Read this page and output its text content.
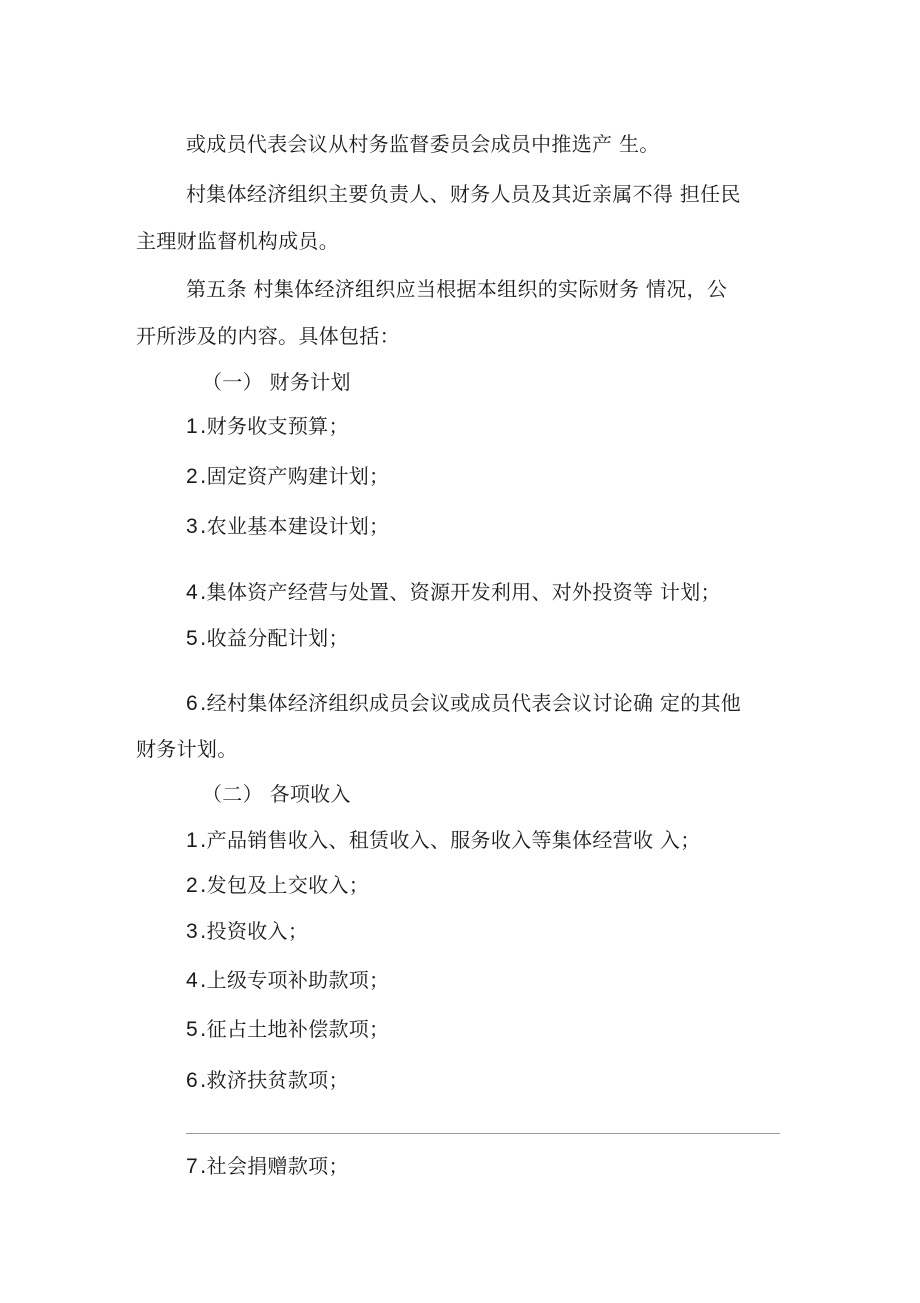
或成员代表会议从村务监督委员会成员中推选产 生。
村集体经济组织主要负责人、财务人员及其近亲属不得 担任民
主理财监督机构成员。
第五条 村集体经济组织应当根据本组织的实际财务 情况，公
开所涉及的内容。具体包括：
（一） 财务计划
1 .财务收支预算；
2 .固定资产购建计划；
3 .农业基本建设计划；
4 .集体资产经营与处置、资源开发利用、对外投资等 计划；
5 .收益分配计划；
6 .经村集体经济组织成员会议或成员代表会议讨论确 定的其他
财务计划。
（二） 各项收入
1 .产品销售收入、租赁收入、服务收入等集体经营收 入；
2 .发包及上交收入；
3 .投资收入；
4 .上级专项补助款项；
5 .征占土地补偿款项；
6 .救济扶贫款项；
7 .社会捐赠款项；
